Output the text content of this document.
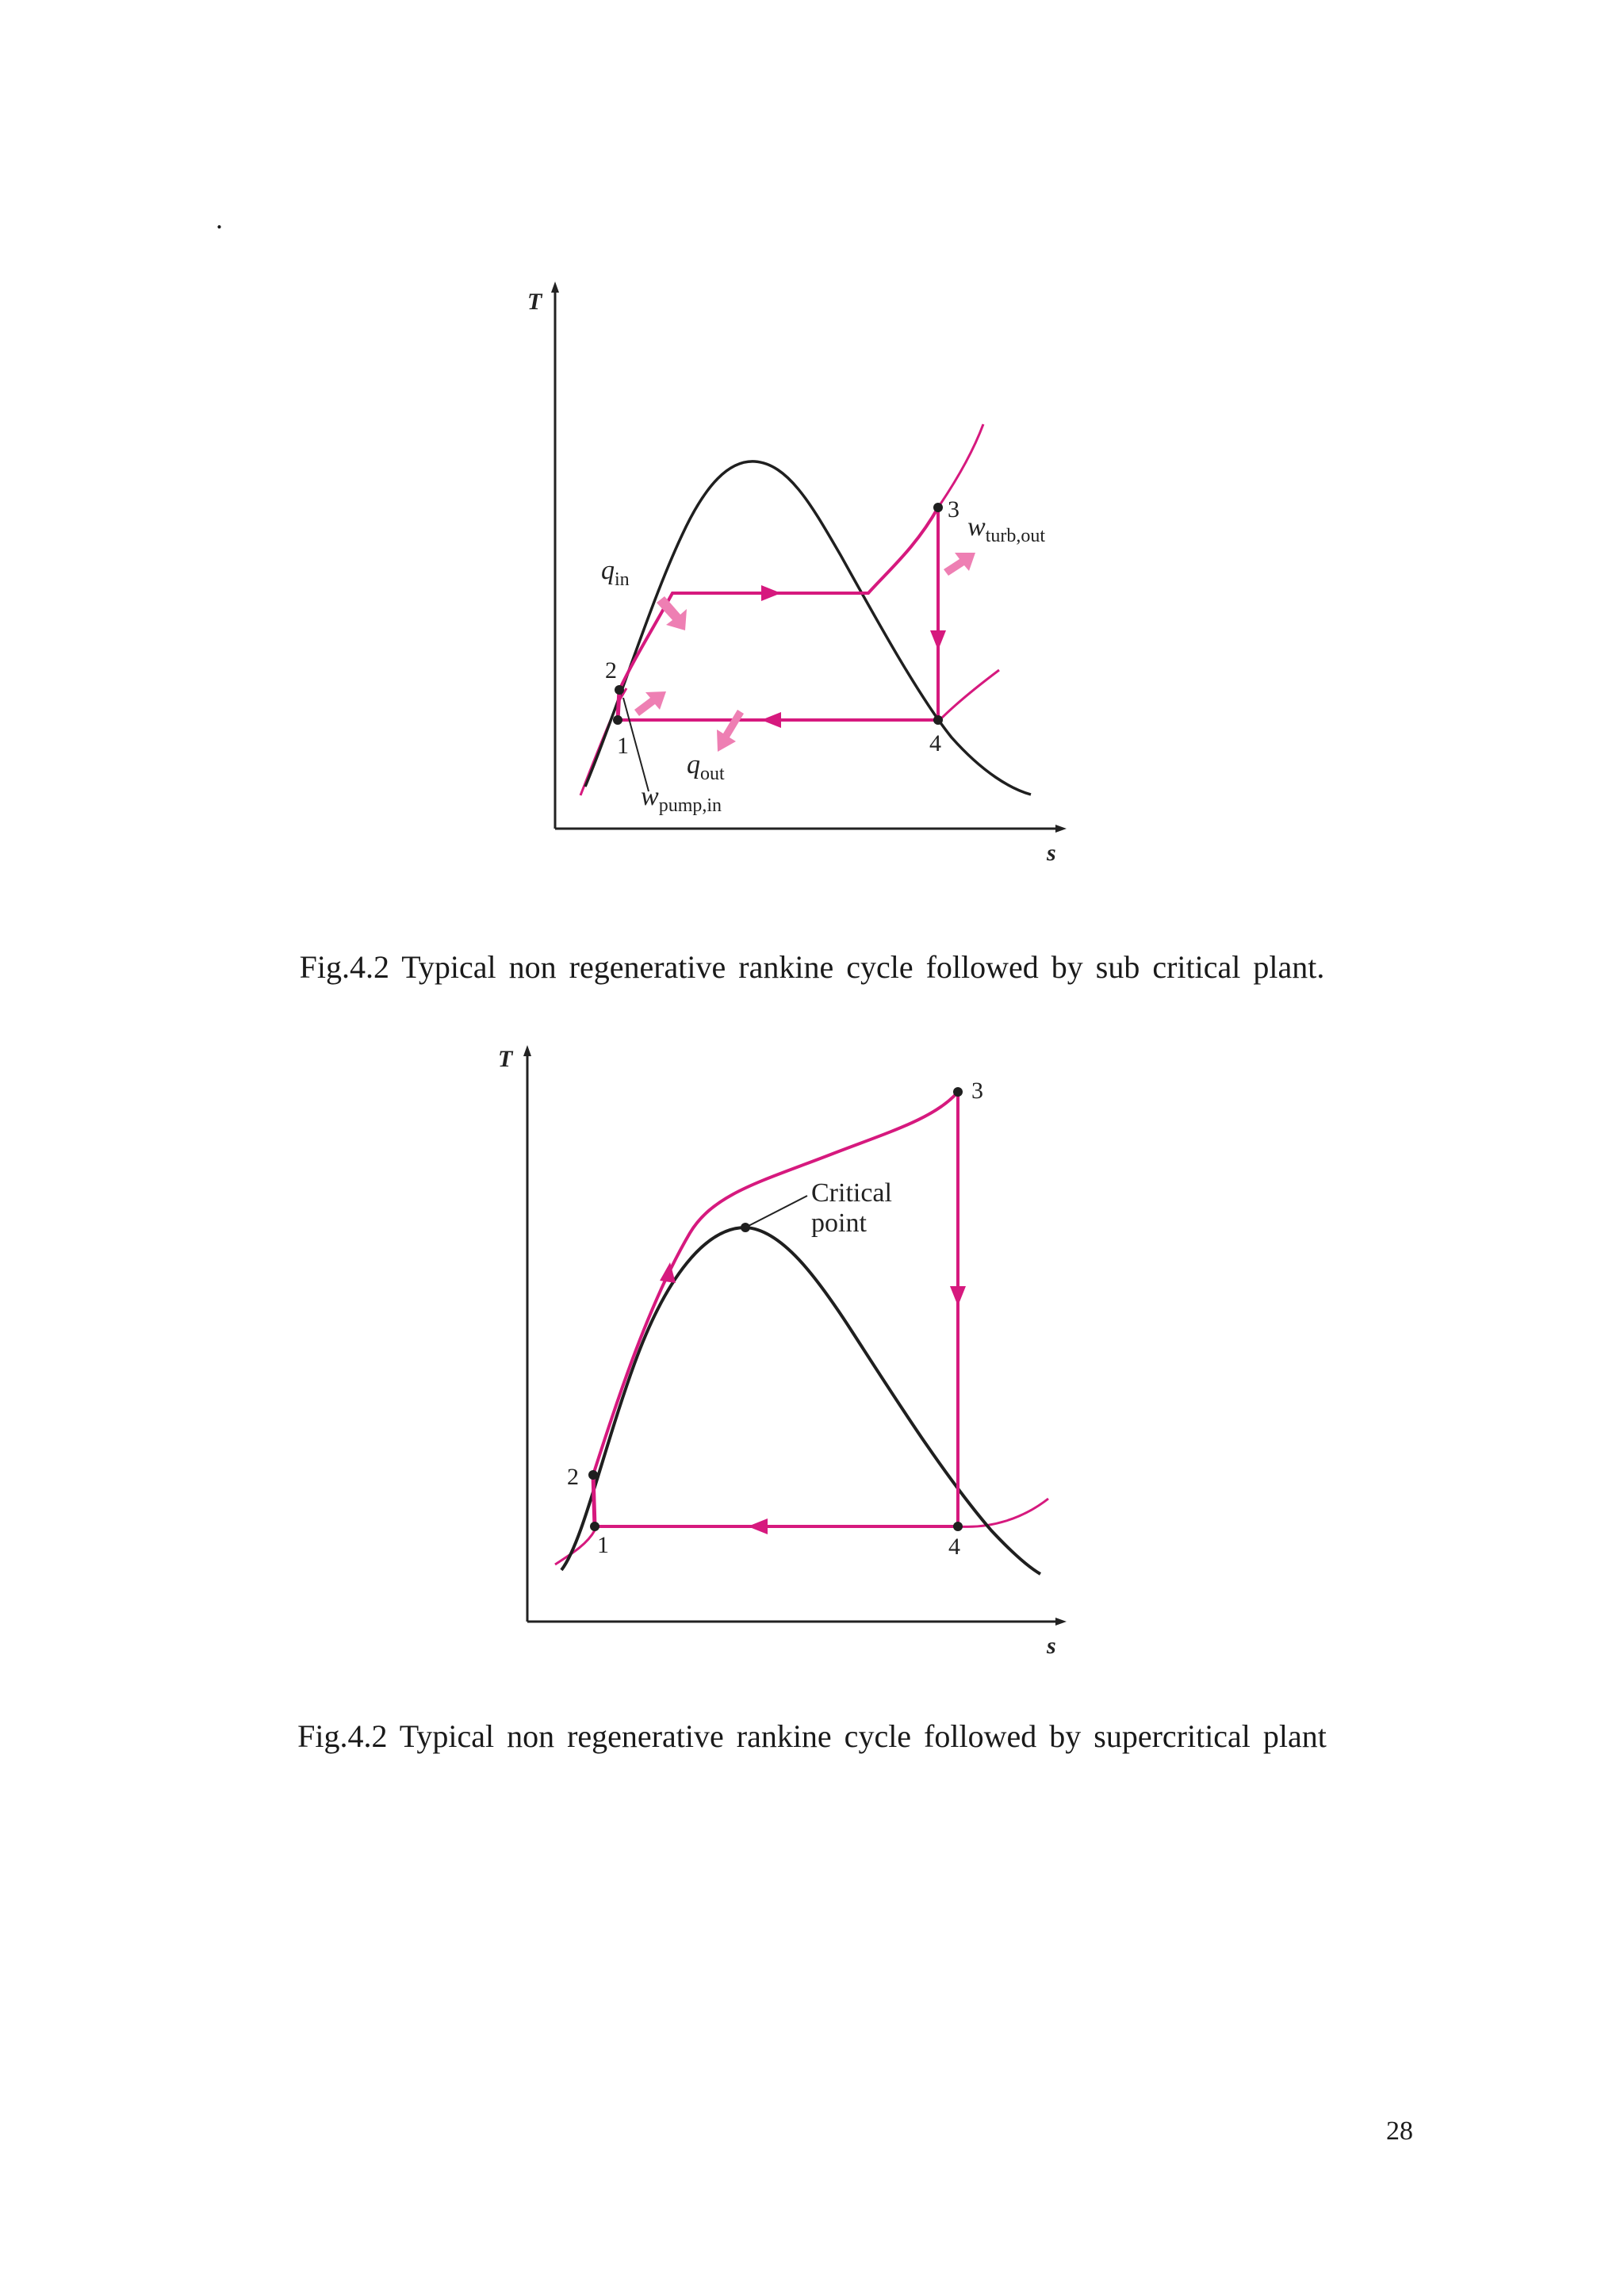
.
T
s
1
2
3
4
$q_{in}$
$q_{out}$
$w_{pump,in}$
$w_{turb,out}$
Fig.4.2 Typical non regenerative rankine cycle followed by sub critical plant.
T
s
Critical
point
1
2
3
4
Fig.4.2 Typical non regenerative rankine cycle followed by supercritical plant
28
